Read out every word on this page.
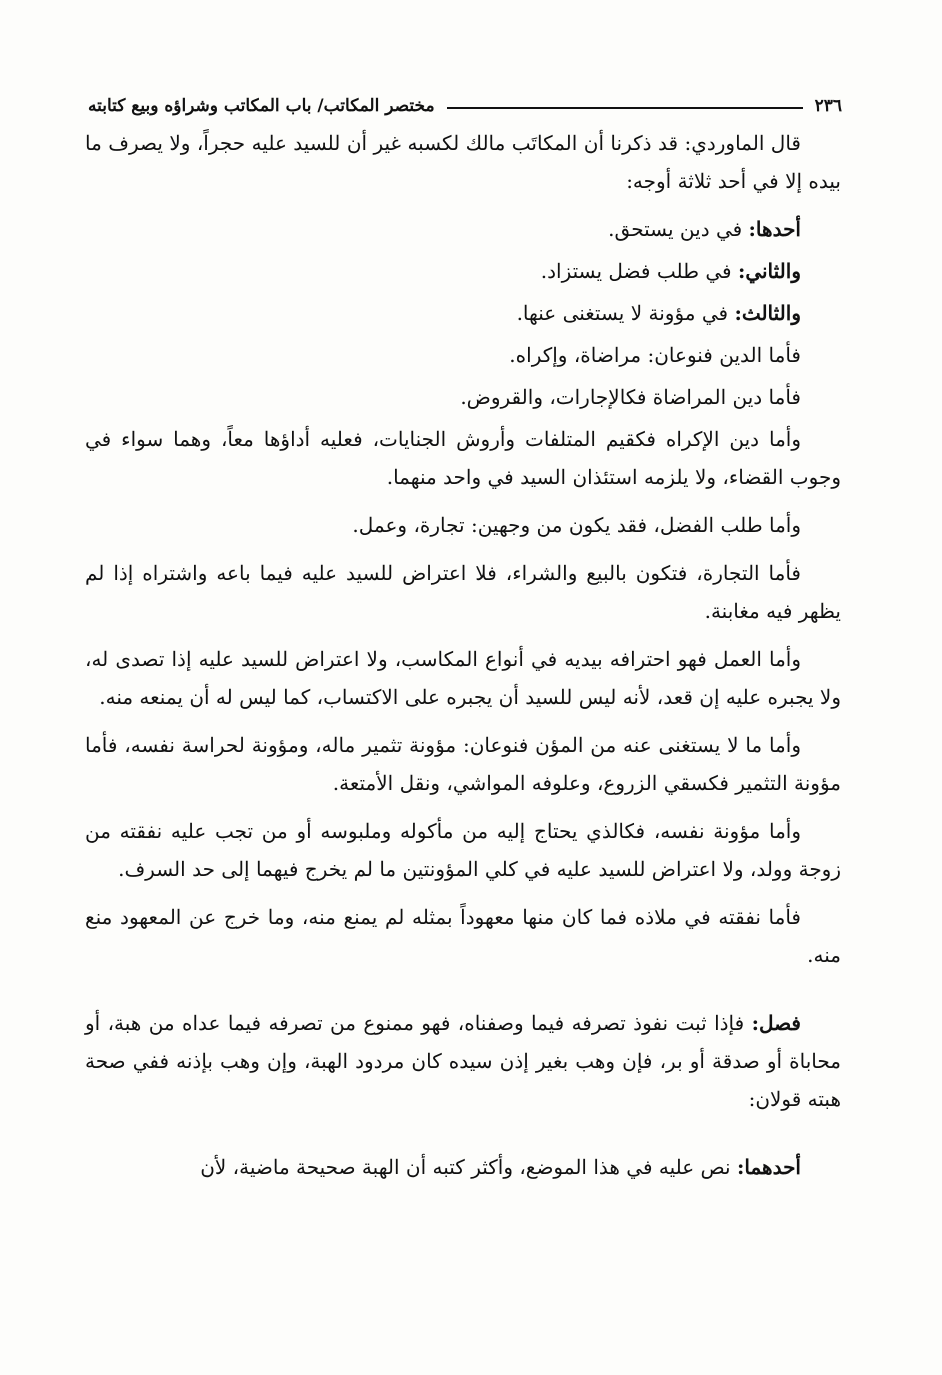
٢٣٦
مختصر المكاتب/ باب المكاتب وشراؤه وبيع كتابته

قال الماوردي: قد ذكرنا أن المكاتَب مالك لكسبه غير أن للسيد عليه حجراً، ولا يصرف ما بيده إلا في أحد ثلاثة أوجه:

أحدها: في دين يستحق.

والثاني: في طلب فضل يستزاد.

والثالث: في مؤونة لا يستغنى عنها.

فأما الدين فنوعان: مراضاة، وإكراه.

فأما دين المراضاة فكالإجارات، والقروض.

وأما دين الإكراه فكقيم المتلفات وأروش الجنايات، فعليه أداؤها معاً، وهما سواء في وجوب القضاء، ولا يلزمه استئذان السيد في واحد منهما.

وأما طلب الفضل، فقد يكون من وجهين: تجارة، وعمل.

فأما التجارة، فتكون بالبيع والشراء، فلا اعتراض للسيد عليه فيما باعه واشتراه إذا لم يظهر فيه مغابنة.

وأما العمل فهو احترافه بيديه في أنواع المكاسب، ولا اعتراض للسيد عليه إذا تصدى له، ولا يجبره عليه إن قعد، لأنه ليس للسيد أن يجبره على الاكتساب، كما ليس له أن يمنعه منه.

وأما ما لا يستغنى عنه من المؤن فنوعان: مؤونة تثمير ماله، ومؤونة لحراسة نفسه، فأما مؤونة التثمير فكسقي الزروع، وعلوفه المواشي، ونقل الأمتعة.

وأما مؤونة نفسه، فكالذي يحتاج إليه من مأكوله وملبوسه أو من تجب عليه نفقته من زوجة وولد، ولا اعتراض للسيد عليه في كلي المؤونتين ما لم يخرج فيهما إلى حد السرف.

فأما نفقته في ملاذه فما كان منها معهوداً بمثله لم يمنع منه، وما خرج عن المعهود منع منه.

فصل: فإذا ثبت نفوذ تصرفه فيما وصفناه، فهو ممنوع من تصرفه فيما عداه من هبة، أو محاباة أو صدقة أو بر، فإن وهب بغير إذن سيده كان مردود الهبة، وإن وهب بإذنه ففي صحة هبته قولان:

أحدهما: نص عليه في هذا الموضع، وأكثر كتبه أن الهبة صحيحة ماضية، لأن
